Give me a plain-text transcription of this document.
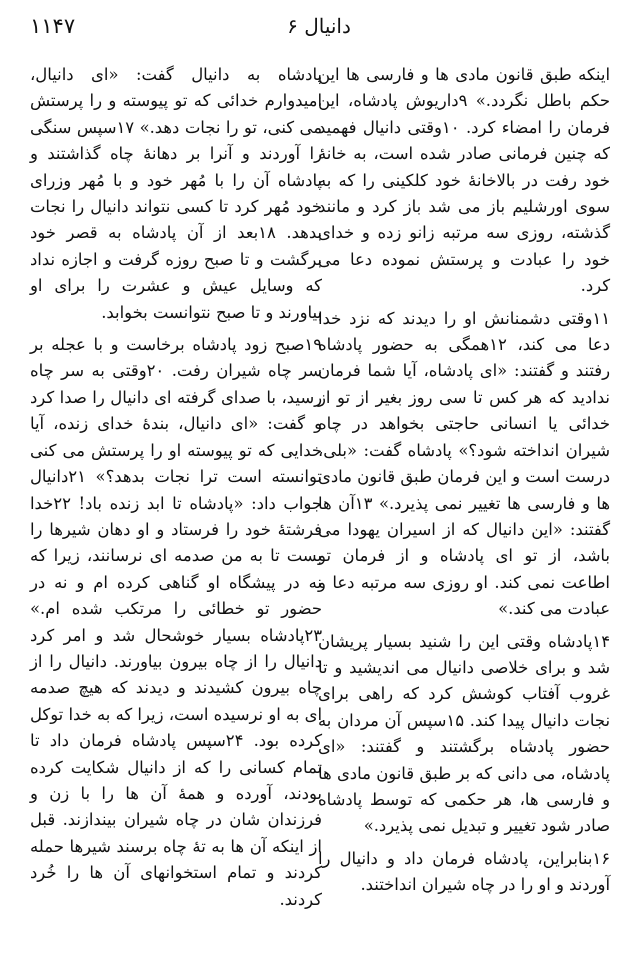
۱۱۴۷	دانیال ۶

اینکه طبق قانون مادی ها و فارسی ها این حکم باطل نگردد.» ۹داریوش پادشاه، این فرمان را امضاء کرد. ۱۰وقتی دانیال فهمید که چنین فرمانی صادر شده است، به خانهٔ خود رفت در بالاخانهٔ خود کلکینی را که به سوی اورشلیم باز می شد باز کرد و مانند گذشته، روزی سه مرتبه زانو زده و خدای خود را عبادت و پرستش نموده دعا می کرد.

۱۱وقتی دشمنانش او را دیدند که نزد خدا دعا می کند، ۱۲همگی به حضور پادشاه رفتند و گفتند: «ای پادشاه، آیا شما فرمان ندادید که هر کس تا سی روز بغیر از تو از خدائی یا انسانی حاجتی بخواهد در چاه شیران انداخته شود؟» پادشاه گفت: «بلی، درست است و این فرمان طبق قانون مادی ها و فارسی ها تغییر نمی پذیرد.» ۱۳آن ها گفتند: «این دانیال که از اسیران یهودا می باشد، از تو ای پادشاه و از فرمان تو اطاعت نمی کند. او روزی سه مرتبه دعا و عبادت می کند.»

۱۴پادشاه وقتی این را شنید بسیار پریشان شد و برای خلاصی دانیال می اندیشید و تا غروب آفتاب کوشش کرد که راهی برای نجات دانیال پیدا کند. ۱۵سپس آن مردان به حضور پادشاه برگشتند و گفتند: «ای پادشاه، می دانی که بر طبق قانون مادی ها و فارسی ها، هر حکمی که توسط پادشاه صادر شود تغییر و تبدیل نمی پذیرد.»

۱۶بنابراین، پادشاه فرمان داد و دانیال را آوردند و او را در چاه شیران انداختند.

پادشاه به دانیال گفت: «ای دانیال، امیدوارم خدائی که تو پیوسته و را پرستش می کنی، تو را نجات دهد.» ۱۷سپس سنگی را آوردند و آنرا بر دهانهٔ چاه گذاشتند و پادشاه آن را با مُهر خود و با مُهر وزرای خود مُهر کرد تا کسی نتواند دانیال را نجات بدهد. ۱۸بعد از آن پادشاه به قصر خود برگشت و تا صبح روزه گرفت و اجازه نداد که وسایل عیش و عشرت را برای او بیاورند و تا صبح نتوانست بخوابد.

۱۹صبح زود پادشاه برخاست و با عجله بر سر چاه شیران رفت. ۲۰وقتی به سر چاه رسید، با صدای گرفته ای دانیال را صدا کرد و گفت: «ای دانیال، بندهٔ خدای زنده، آیا خدایی که تو پیوسته او را پرستش می کنی توانسته است ترا نجات بدهد؟» ۲۱دانیال جواب داد: «پادشاه تا ابد زنده باد! ۲۲خدا فرشتهٔ خود را فرستاد و او دهان شیرها را بست تا به من صدمه ای نرسانند، زیرا که نه در پیشگاه او گناهی کرده ام و نه در حضور تو خطائی را مرتکب شده ام.» ۲۳پادشاه بسیار خوشحال شد و امر کرد دانیال را از چاه بیرون بیاورند. دانیال را از چاه بیرون کشیدند و دیدند که هیچ صدمه ای به او نرسیده است، زیرا که به خدا توکل کرده بود. ۲۴سپس پادشاه فرمان داد تا تمام کسانی را که از دانیال شکایت کرده بودند، آورده و همهٔ آن ها را با زن و فرزندان شان در چاه شیران بیندازند. قبل از اینکه آن ها به تهٔ چاه برسند شیرها حمله کردند و تمام استخوانهای آن ها را خُرد کردند.
